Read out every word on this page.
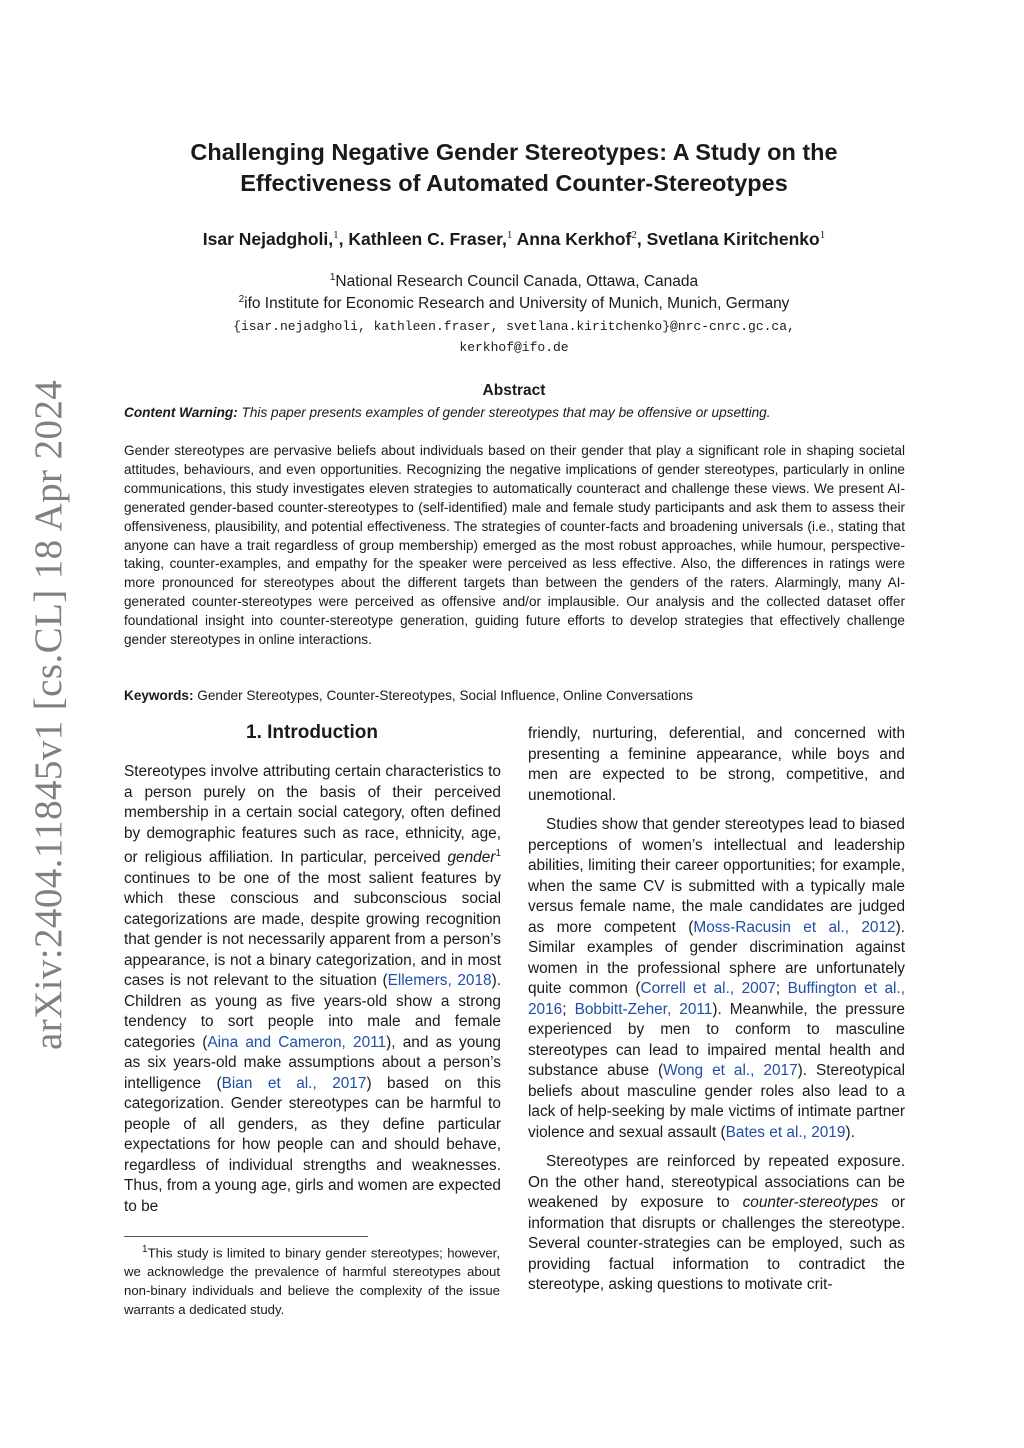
arXiv:2404.11845v1 [cs.CL] 18 Apr 2024
Challenging Negative Gender Stereotypes: A Study on the
Effectiveness of Automated Counter-Stereotypes
Isar Nejadgholi,$^1$, Kathleen C. Fraser,$^1$ Anna Kerkhof$^2$, Svetlana Kiritchenko$^1$
$^1$National Research Council Canada, Ottawa, Canada
$^2$ifo Institute for Economic Research and University of Munich, Munich, Germany
{isar.nejadgholi, kathleen.fraser, svetlana.kiritchenko}@nrc-cnrc.gc.ca,
kerkhof@ifo.de
Abstract
Content Warning: This paper presents examples of gender stereotypes that may be offensive or upsetting.
Gender stereotypes are pervasive beliefs about individuals based on their gender that play a significant role in shaping societal attitudes, behaviours, and even opportunities. Recognizing the negative implications of gender stereotypes, particularly in online communications, this study investigates eleven strategies to automatically counteract and challenge these views. We present AI-generated gender-based counter-stereotypes to (self-identified) male and female study participants and ask them to assess their offensiveness, plausibility, and potential effectiveness. The strategies of counter-facts and broadening universals (i.e., stating that anyone can have a trait regardless of group membership) emerged as the most robust approaches, while humour, perspective-taking, counter-examples, and empathy for the speaker were perceived as less effective. Also, the differences in ratings were more pronounced for stereotypes about the different targets than between the genders of the raters. Alarmingly, many AI-generated counter-stereotypes were perceived as offensive and/or implausible. Our analysis and the collected dataset offer foundational insight into counter-stereotype generation, guiding future efforts to develop strategies that effectively challenge gender stereotypes in online interactions.
Keywords: Gender Stereotypes, Counter-Stereotypes, Social Influence, Online Conversations
1. Introduction

Stereotypes involve attributing certain characteristics to a person purely on the basis of their perceived membership in a certain social category, often defined by demographic features such as race, ethnicity, age, or religious affiliation. In particular, perceived gender$^1$ continues to be one of the most salient features by which these conscious and subconscious social categorizations are made, despite growing recognition that gender is not necessarily apparent from a person’s appearance, is not a binary categorization, and in most cases is not relevant to the situation (Ellemers, 2018). Children as young as five years-old show a strong tendency to sort people into male and female categories (Aina and Cameron, 2011), and as young as six years-old make assumptions about a person’s intelligence (Bian et al., 2017) based on this categorization. Gender stereotypes can be harmful to people of all genders, as they define particular expectations for how people can and should behave, regardless of individual strengths and weaknesses. Thus, from a young age, girls and women are expected to be

$^1$This study is limited to binary gender stereotypes; however, we acknowledge the prevalence of harmful stereotypes about non-binary individuals and believe the complexity of the issue warrants a dedicated study.

friendly, nurturing, deferential, and concerned with presenting a feminine appearance, while boys and men are expected to be strong, competitive, and unemotional.

Studies show that gender stereotypes lead to biased perceptions of women’s intellectual and leadership abilities, limiting their career opportunities; for example, when the same CV is submitted with a typically male versus female name, the male candidates are judged as more competent (Moss-Racusin et al., 2012). Similar examples of gender discrimination against women in the professional sphere are unfortunately quite common (Correll et al., 2007; Buffington et al., 2016; Bobbitt-Zeher, 2011). Meanwhile, the pressure experienced by men to conform to masculine stereotypes can lead to impaired mental health and substance abuse (Wong et al., 2017). Stereotypical beliefs about masculine gender roles also lead to a lack of help-seeking by male victims of intimate partner violence and sexual assault (Bates et al., 2019).

Stereotypes are reinforced by repeated exposure. On the other hand, stereotypical associations can be weakened by exposure to counter-stereotypes or information that disrupts or challenges the stereotype. Several counter-strategies can be employed, such as providing factual information to contradict the stereotype, asking questions to motivate crit-
